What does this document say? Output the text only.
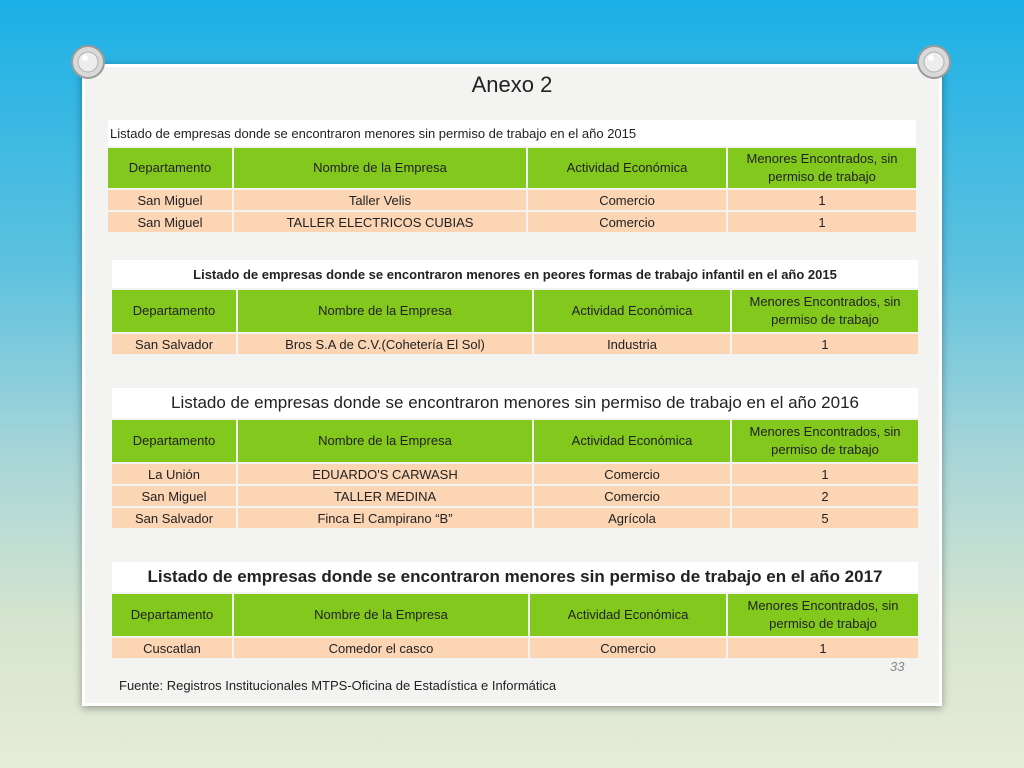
Anexo 2
Listado de empresas donde se encontraron menores sin permiso de trabajo en el año 2015			
Departamento	Nombre de la Empresa	Actividad Económica	Menores Encontrados, sin permiso de trabajo
San Miguel	Taller Velis	Comercio	1
San Miguel	TALLER ELECTRICOS CUBIAS	Comercio	1
Listado de empresas donde se encontraron menores en peores formas de trabajo infantil en el año 2015			
Departamento	Nombre de la Empresa	Actividad Económica	Menores Encontrados, sin permiso de trabajo
San Salvador	Bros S.A de C.V.(Cohetería El Sol)	Industria	1
Listado de empresas donde se encontraron menores sin permiso de trabajo en el año 2016			
Departamento	Nombre de la Empresa	Actividad Económica	Menores Encontrados, sin permiso de trabajo
La Unión	EDUARDO'S CARWASH	Comercio	1
San Miguel	TALLER MEDINA	Comercio	2
San Salvador	Finca El Campirano “B”	Agrícola	5
Listado de empresas donde se encontraron menores sin permiso de trabajo en el año 2017			
Departamento	Nombre de la Empresa	Actividad Económica	Menores Encontrados, sin permiso de trabajo
Cuscatlan	Comedor el casco	Comercio	1
33
Fuente: Registros Institucionales MTPS-Oficina de Estadística e Informática
